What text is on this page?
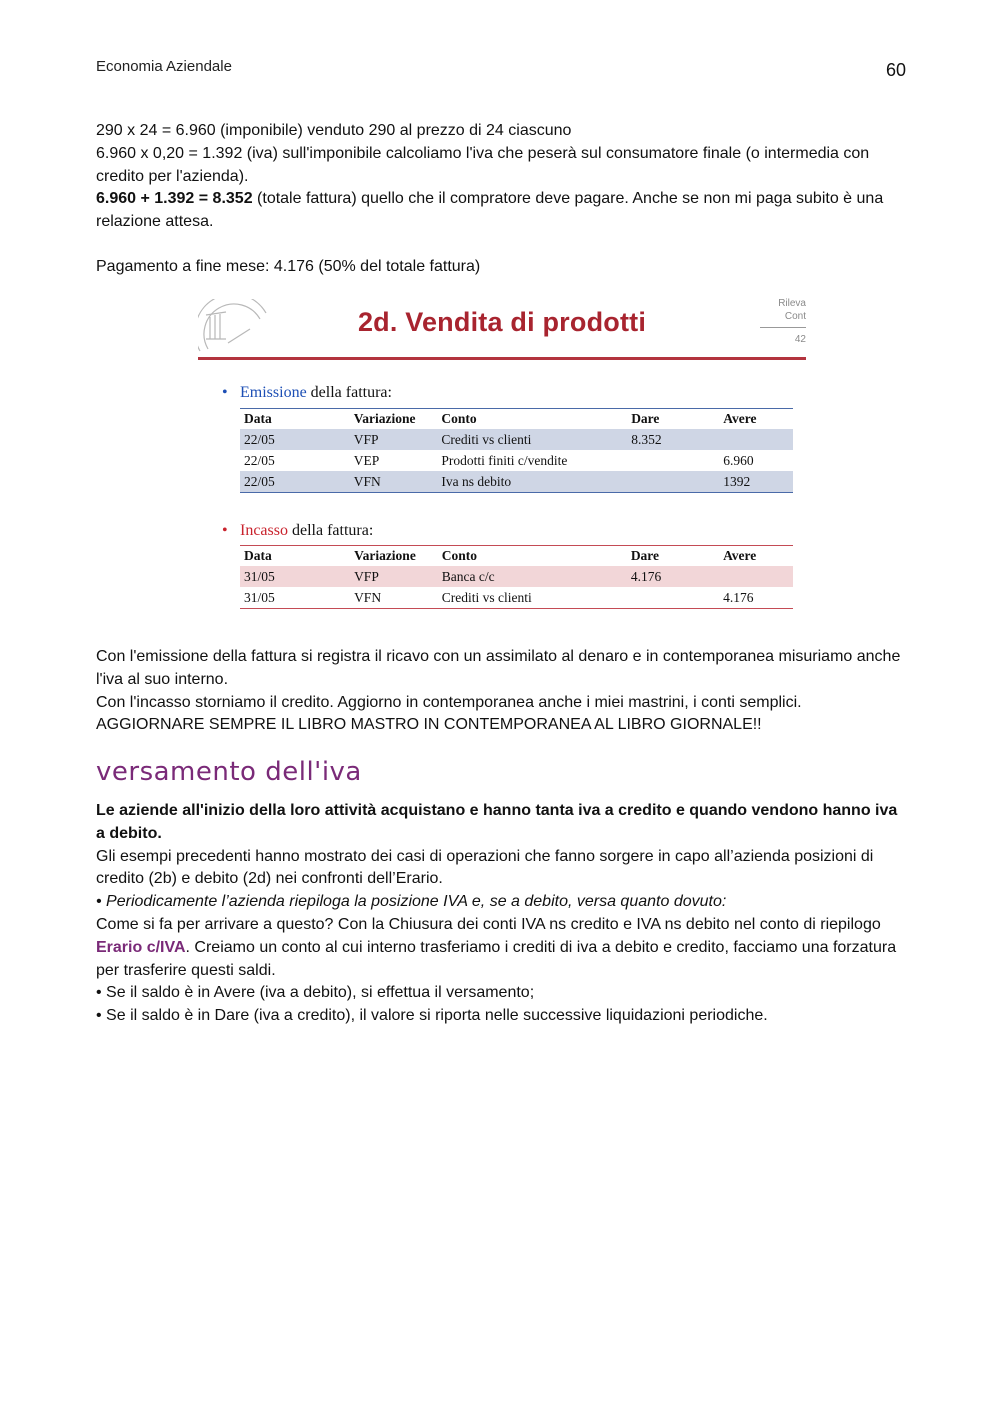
Economia Aziendale	60

290 x 24 = 6.960 (imponibile) venduto 290 al prezzo di 24 ciascuno

6.960 x 0,20 = 1.392 (iva) sull'imponibile calcoliamo l'iva che peserà sul consumatore finale (o intermedia con credito per l'azienda).

6.960 + 1.392 = 8.352 (totale fattura) quello che il compratore deve pagare. Anche se non mi paga subito è una relazione attesa.

Pagamento a fine mese: 4.176 (50% del totale fattura)

2d. Vendita di prodotti
Rileva
Cont
42
• Emissione della fattura:
Data	Variazione	Conto	Dare	Avere
22/05	VFP	Crediti vs clienti	8.352	
22/05	VEP	Prodotti finiti c/vendite		6.960
22/05	VFN	Iva ns debito		1392
• Incasso della fattura:
Data	Variazione	Conto	Dare	Avere
31/05	VFP	Banca c/c	4.176	
31/05	VFN	Crediti vs clienti		4.176

Con l'emissione della fattura si registra il ricavo con un assimilato al denaro e in contemporanea misuriamo anche l'iva al suo interno.

Con l'incasso storniamo il credito. Aggiorno in contemporanea anche i miei mastrini, i conti semplici.

AGGIORNARE SEMPRE IL LIBRO MASTRO IN CONTEMPORANEA AL LIBRO GIORNALE!!

versamento dell'iva

Le aziende all'inizio della loro attività acquistano e hanno tanta iva a credito e quando vendono hanno iva a debito.

Gli esempi precedenti hanno mostrato dei casi di operazioni che fanno sorgere in capo all’azienda posizioni di credito (2b) e debito (2d) nei confronti dell’Erario.

• Periodicamente l’azienda riepiloga la posizione IVA e, se a debito, versa quanto dovuto:

Come si fa per arrivare a questo? Con la Chiusura dei conti IVA ns credito e IVA ns debito nel conto di riepilogo Erario c/IVA. Creiamo un conto al cui interno trasferiamo i crediti di iva a debito e credito, facciamo una forzatura per trasferire questi saldi.

• Se il saldo è in Avere (iva a debito), si effettua il versamento;

• Se il saldo è in Dare (iva a credito), il valore si riporta nelle successive liquidazioni periodiche.
